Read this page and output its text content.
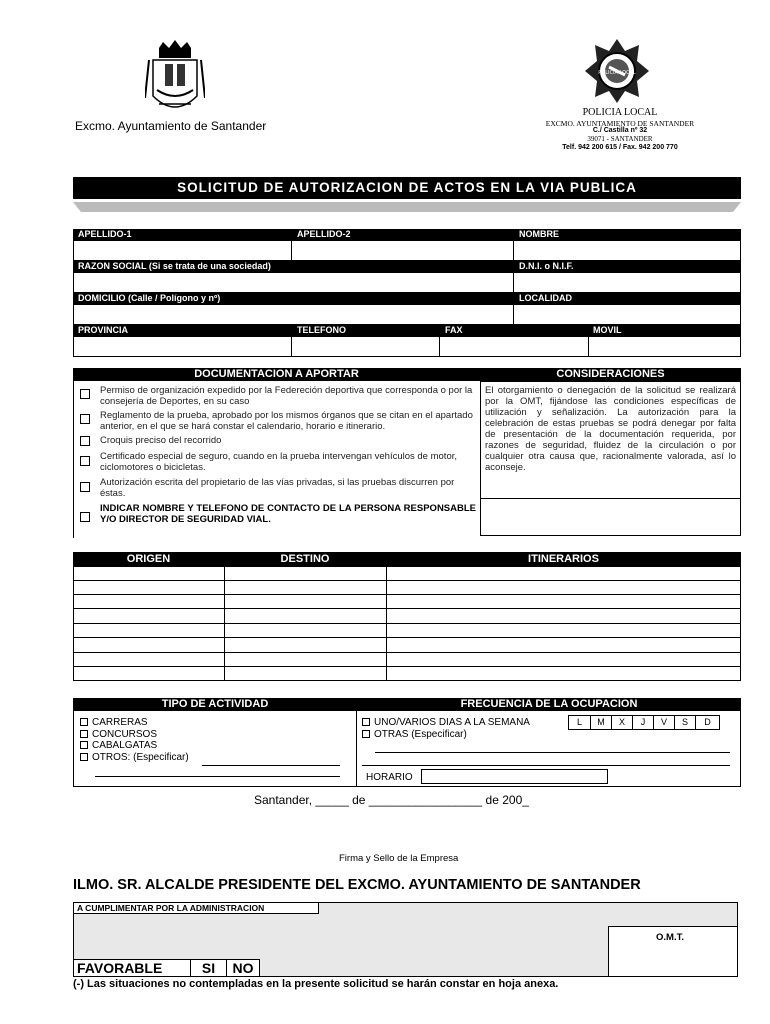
Excmo. Ayuntamiento de Santander
POLICIA LOCAL
POLICIA LOCAL
EXCMO. AYUNTAMIENTO DE SANTANDER
C./ Castilla nº 32
39071 - SANTANDER
Telf. 942 200 615 / Fax. 942 200 770
SOLICITUD DE AUTORIZACION DE ACTOS EN LA VIA PUBLICA
APELLIDO-1	APELLIDO-2	NOMBRE
RAZON SOCIAL (Si se trata de una sociedad)	D.N.I. o N.I.F.
DOMICILIO (Calle / Polígono y nº)	LOCALIDAD
PROVINCIA	TELEFONO	FAX	MOVIL
DOCUMENTACION A APORTAR	CONSIDERACIONES
El otorgamiento o denegación de la solicitud se realizará por la OMT, fijándose las condiciones específicas de utilización y señalización. La autorización para la celebración de estas pruebas se podrá denegar por falta de presentación de la documentación requerida, por razones de seguridad, fluidez de la circulación o por cualquier otra causa que, racionalmente valorada, así lo aconseje.
Permiso de organización expedido por la Federeción deportiva que corresponda o por la consejería de Deportes, en su caso
Reglamento de la prueba, aprobado por los mismos órganos que se citan en el apartado anterior, en el que se hará constar el calendario, horario e itinerario.
Croquis preciso del recorrido
Certificado especial de seguro, cuando en la prueba intervengan vehículos de motor, ciclomotores o bicicletas.
Autorización escrita del propietario de las vías privadas, si las pruebas discurren por éstas.
INDICAR NOMBRE Y TELEFONO DE CONTACTO DE LA PERSONA RESPONSABLE Y/O DIRECTOR DE SEGURIDAD VIAL.
ORIGEN	DESTINO	ITINERARIOS
TIPO DE ACTIVIDAD	FRECUENCIA DE LA OCUPACION
CARRERAS
CONCURSOS
CABALGATAS
OTROS: (Especificar)
UNO/VARIOS DIAS A LA SEMANA
OTRAS (Especificar)
L	M	X	J	V	S	D
HORARIO
Santander, _____ de _________________ de 200_
Firma y Sello de la Empresa
ILMO. SR. ALCALDE PRESIDENTE DEL EXCMO. AYUNTAMIENTO DE SANTANDER
A CUMPLIMENTAR POR LA ADMINISTRACION
O.M.T.
FAVORABLE	SI	NO
(-) Las situaciones no contempladas en la presente solicitud se harán constar en hoja anexa.
